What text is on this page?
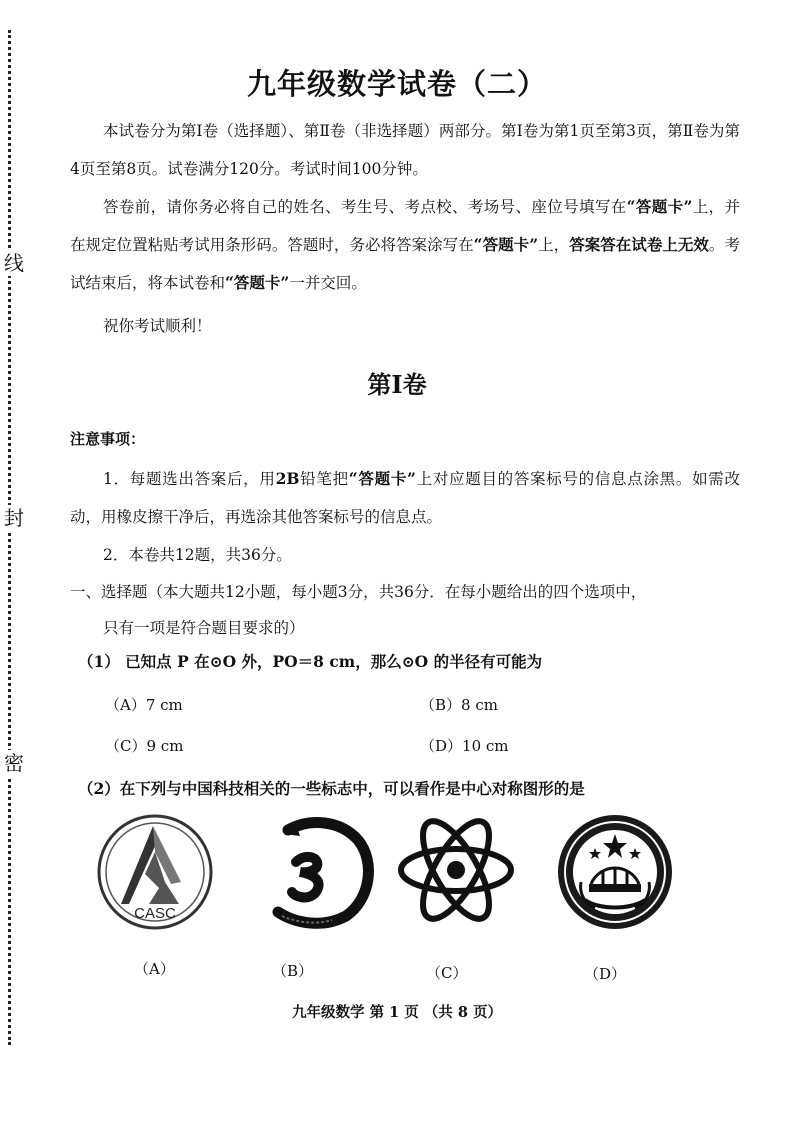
线
封
密
九年级数学试卷（二）

本试卷分为第Ⅰ卷（选择题）、第Ⅱ卷（非选择题）两部分。第Ⅰ卷为第1页至第3页，第Ⅱ卷为第4页至第8页。试卷满分120分。考试时间100分钟。

答卷前，请你务必将自己的姓名、考生号、考点校、考场号、座位号填写在“答题卡”上，并在规定位置粘贴考试用条形码。答题时，务必将答案涂写在“答题卡”上，答案答在试卷上无效。考试结束后，将本试卷和“答题卡”一并交回。

祝你考试顺利！

第Ⅰ卷
注意事项：

1．每题选出答案后，用2B铅笔把“答题卡”上对应题目的答案标号的信息点涂黑。如需改动，用橡皮擦干净后，再选涂其他答案标号的信息点。

2．本卷共12题，共36分。

一、选择题（本大题共12小题，每小题3分，共36分．在每小题给出的四个选项中，
只有一项是符合题目要求的）

（1） 已知点 P 在⊙O 外，PO＝8 cm，那么⊙O 的半径有可能为

（A）7 cm	（B）8 cm
（C）9 cm	（D）10 cm

（2）在下列与中国科技相关的一些标志中，可以看作是中心对称图形的是

CASC
（A）	（B）	（C）	（D）
九年级数学 第 1 页 （共 8 页）
